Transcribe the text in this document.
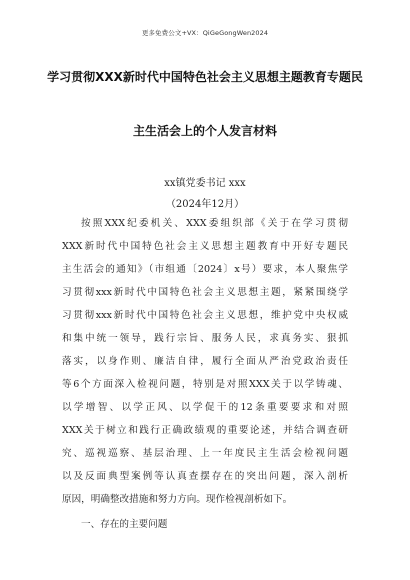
更多免费公文+VX：QiGeGongWen2024
学习贯彻XXX新时代中国特色社会主义思想主题教育专题民
主生活会上的个人发言材料
xx镇党委书记 xxx
（2024年12月）
按照XXX纪委机关、XXX委组织部《关于在学习贯彻
XXX新时代中国特色社会主义思想主题教育中开好专题民
主生活会的通知》（市组通〔2024〕x号）要求，本人聚焦学
习贯彻xxx新时代中国特色社会主义思想主题，紧紧围绕学
习贯彻xxx新时代中国特色社会主义思想，维护党中央权威
和集中统一领导，践行宗旨、服务人民，求真务实、狠抓
落实，以身作则、廉洁自律，履行全面从严治党政治责任
等6个方面深入检视问题，特别是对照XXX关于以学铸魂、
以学增智、以学正风、以学促干的12条重要要求和对照
XXX关于树立和践行正确政绩观的重要论述，并结合调查研
究、巡视巡察、基层治理、上一年度民主生活会检视问题
以及反面典型案例等认真查摆存在的突出问题，深入剖析
原因，明确整改措施和努力方向。现作检视剖析如下。
一、存在的主要问题
